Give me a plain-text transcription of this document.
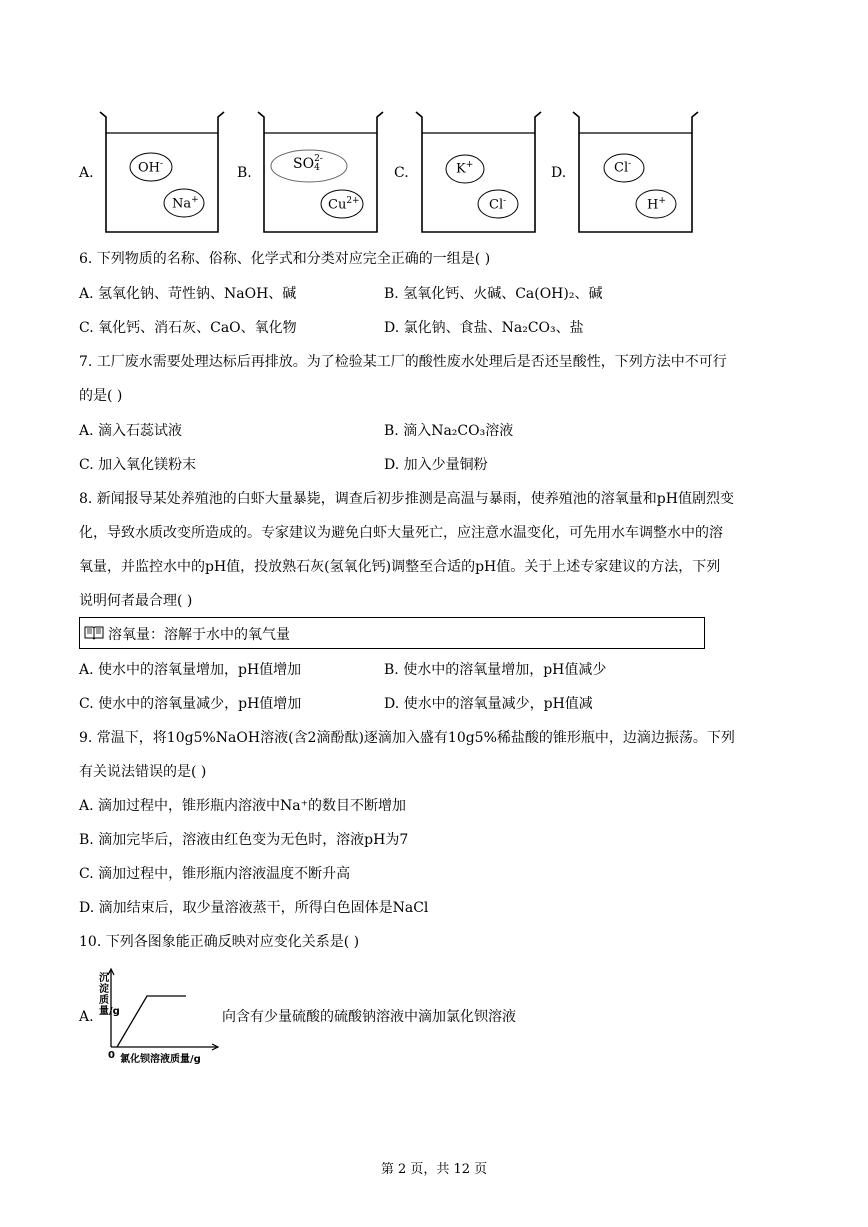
A.	B.	C.	D.
OH-
Na+
SO 2-
4
$Cu^{2+}$
K+
Cl-
Cl-
H+
6. 下列物质的名称、俗称、化学式和分类对应完全正确的一组是( )
A. 氢氧化钠、苛性钠、NaOH、碱	B. 氢氧化钙、火碱、Ca(OH)₂、碱
C. 氧化钙、消石灰、CaO、氧化物	D. 氯化钠、食盐、Na₂CO₃、盐
7. 工厂废水需要处理达标后再排放。为了检验某工厂的酸性废水处理后是否还呈酸性，下列方法中不可行
的是( )
A. 滴入石蕊试液	B. 滴入Na₂CO₃溶液
C. 加入氧化镁粉末	D. 加入少量铜粉
8. 新闻报导某处养殖池的白虾大量暴毙，调查后初步推测是高温与暴雨，使养殖池的溶氧量和pH值剧烈变
化，导致水质改变所造成的。专家建议为避免白虾大量死亡，应注意水温变化，可先用水车调整水中的溶
氧量，并监控水中的pH值，投放熟石灰(氢氧化钙)调整至合适的pH值。关于上述专家建议的方法，下列
说明何者最合理( )
溶氧量：溶解于水中的氧气量
A. 使水中的溶氧量增加，pH值增加	B. 使水中的溶氧量增加，pH值减少
C. 使水中的溶氧量减少，pH值增加	D. 使水中的溶氧量减少，pH值减
9. 常温下，将10g5%NaOH溶液(含2滴酚酞)逐滴加入盛有10g5%稀盐酸的锥形瓶中，边滴边振荡。下列
有关说法错误的是( )
A. 滴加过程中，锥形瓶内溶液中Na⁺的数目不断增加
B. 滴加完毕后，溶液由红色变为无色时，溶液pH为7
C. 滴加过程中，锥形瓶内溶液温度不断升高
D. 滴加结束后，取少量溶液蒸干，所得白色固体是NaCl
10. 下列各图象能正确反映对应变化关系是( )
A.
沉淀质量/g
0 氯化钡溶液质量/g
向含有少量硫酸的硫酸钠溶液中滴加氯化钡溶液
第 2 页，共 12 页
